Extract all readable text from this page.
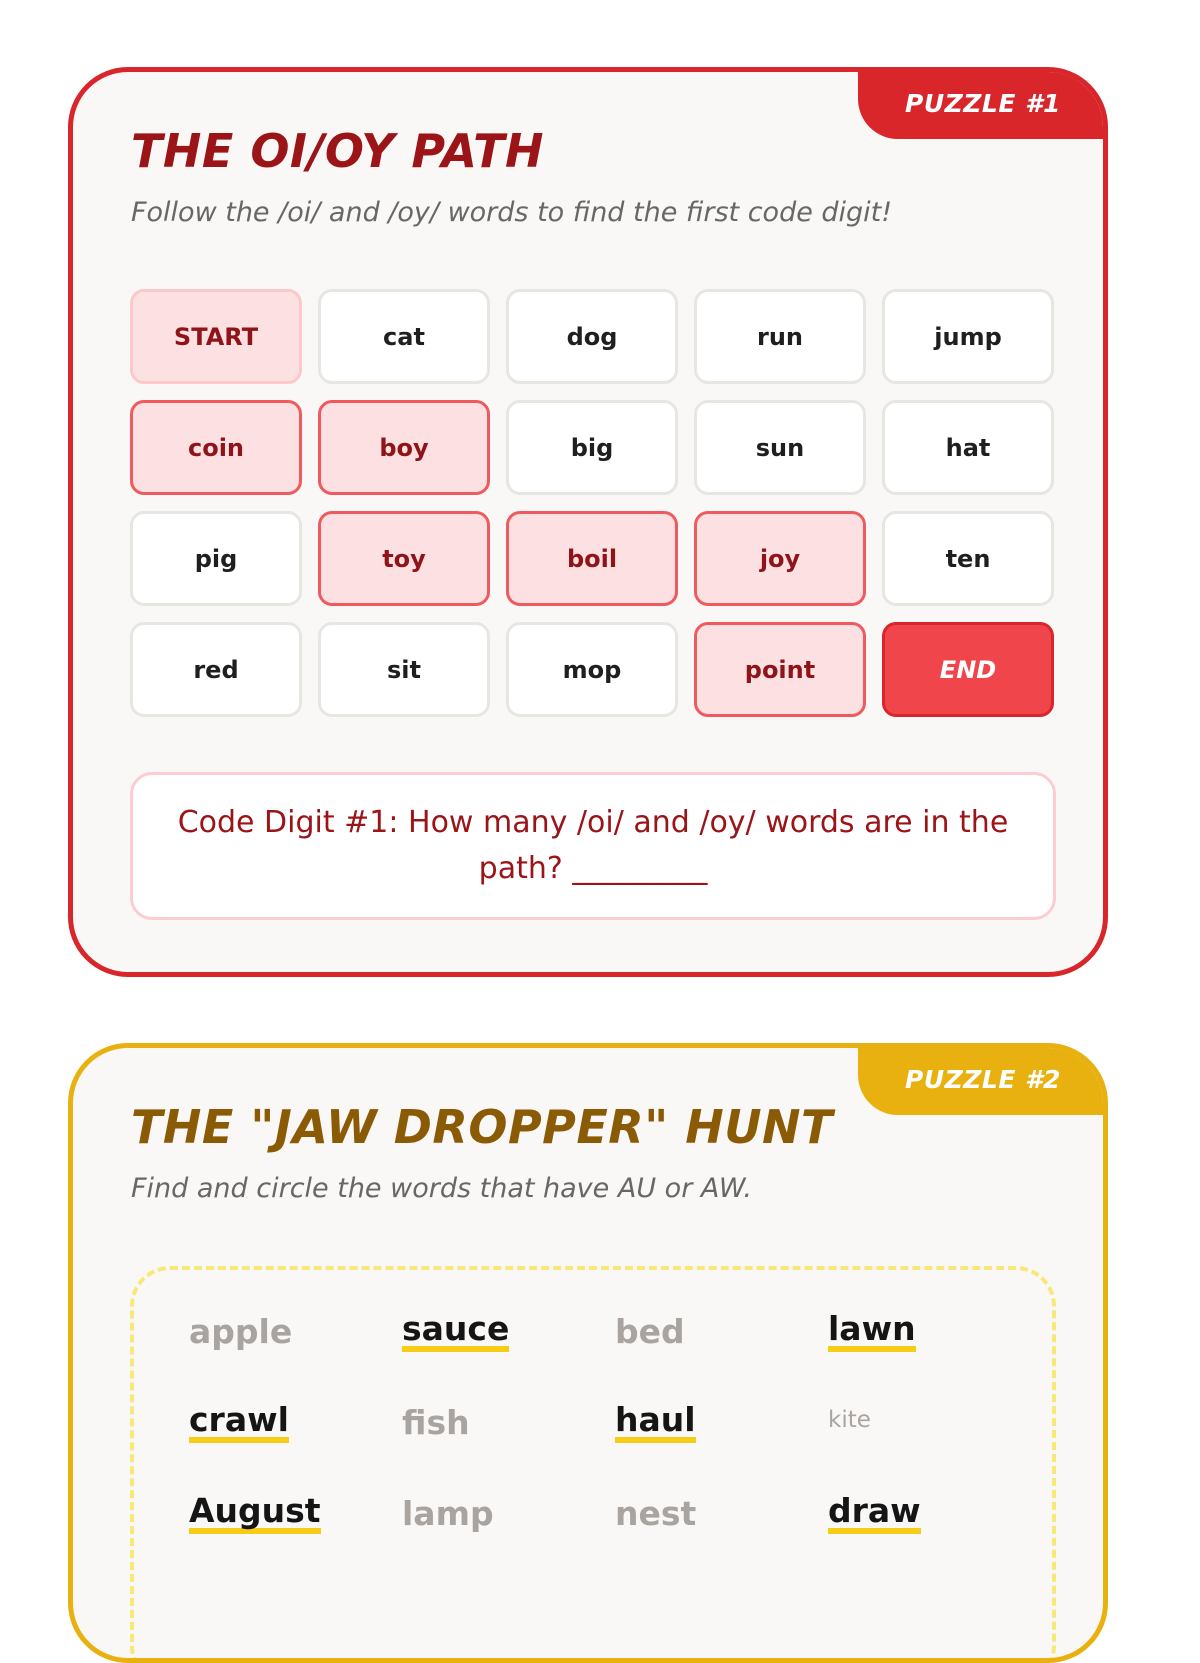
PUZZLE #1
THE OI/OY PATH
Follow the /oi/ and /oy/ words to find the first code digit!
START	cat	dog	run	jump
coin	boy	big	sun	hat
pig	toy	boil	joy	ten
red	sit	mop	point	END
Code Digit #1: How many /oi/ and /oy/ words are in the path? _________
PUZZLE #2
THE "JAW DROPPER" HUNT
Find and circle the words that have AU or AW.
apple	sauce	bed	lawn
crawl	fish	haul	kite
August lamp	nest	draw
